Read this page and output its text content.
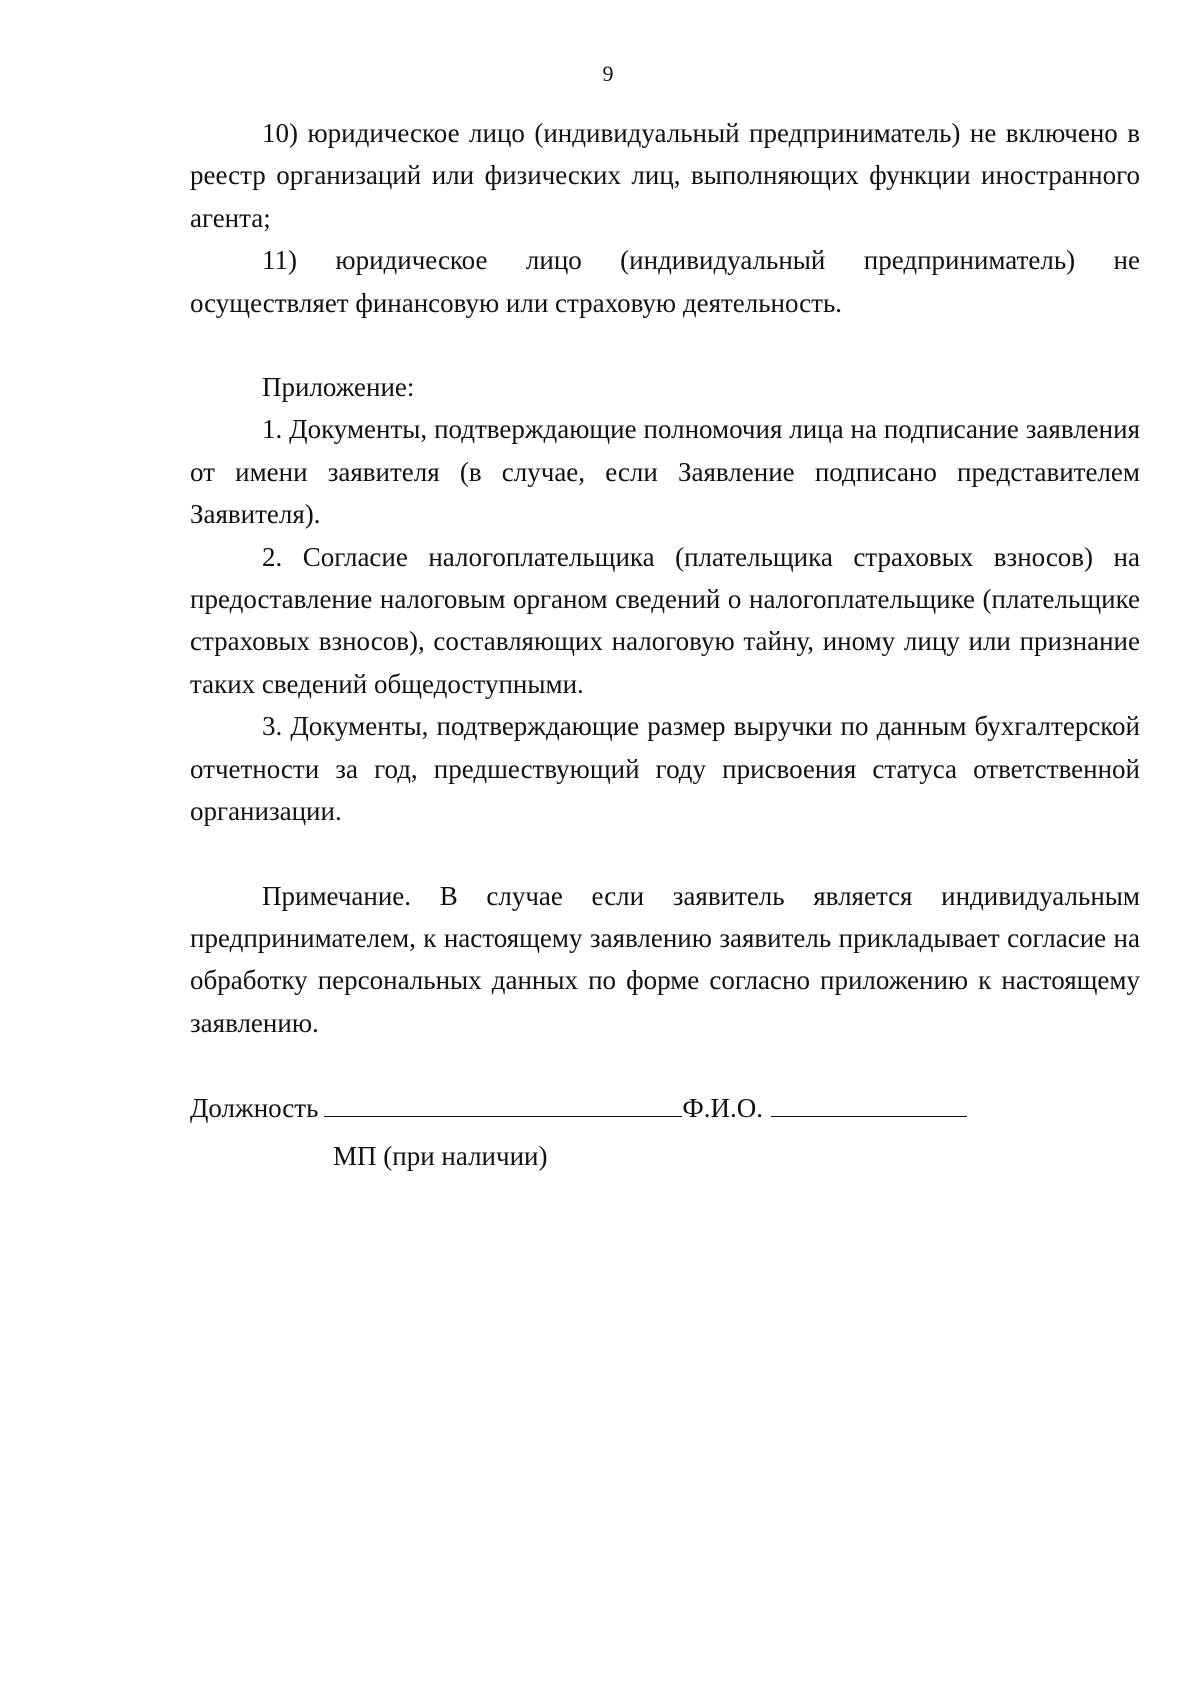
9

10) юридическое лицо (индивидуальный предприниматель) не включено в реестр организаций или физических лиц, выполняющих функции иностранного агента;

11) юридическое лицо (индивидуальный предприниматель) не осуществляет финансовую или страховую деятельность.

Приложение:

1. Документы, подтверждающие полномочия лица на подписание заявления от имени заявителя (в случае, если Заявление подписано представителем Заявителя).

2. Согласие налогоплательщика (плательщика страховых взносов) на предоставление налоговым органом сведений о налогоплательщике (плательщике страховых взносов), составляющих налоговую тайну, иному лицу или признание таких сведений общедоступными.

3. Документы, подтверждающие размер выручки по данным бухгалтерской отчетности за год, предшествующий году присвоения статуса ответственной организации.

Примечание. В случае если заявитель является индивидуальным предпринимателем, к настоящему заявлению заявитель прикладывает согласие на обработку персональных данных по форме согласно приложению к настоящему заявлению.

Должность	Ф.И.О.
МП (при наличии)
